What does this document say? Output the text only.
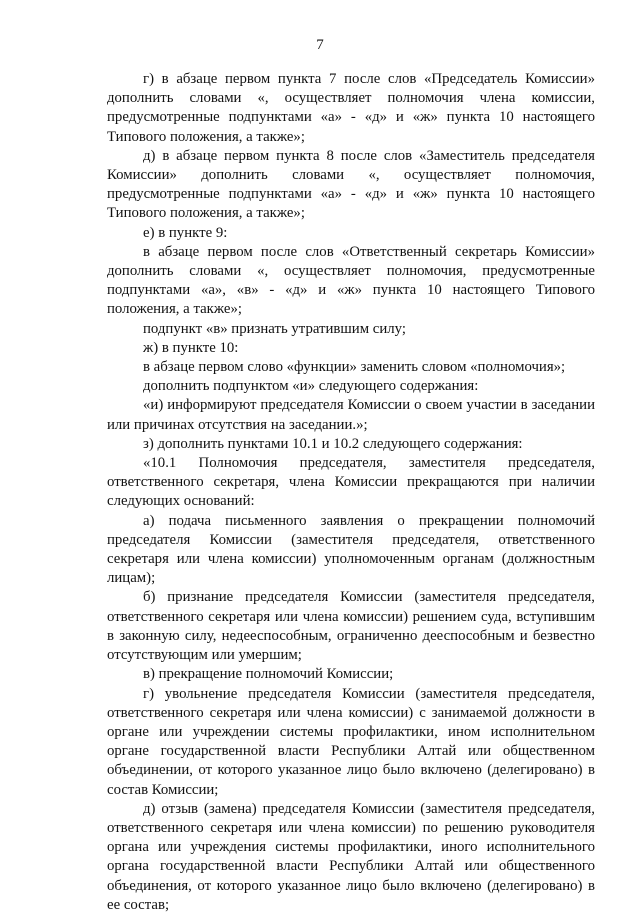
7

г) в абзаце первом пункта 7 после слов «Председатель Комиссии» дополнить словами «, осуществляет полномочия члена комиссии, предусмотренные подпунктами «а» - «д» и «ж» пункта 10 настоящего Типового положения, а также»;

д) в абзаце первом пункта 8 после слов «Заместитель председателя Комиссии» дополнить словами «, осуществляет полномочия, предусмотренные подпунктами «а» - «д» и «ж» пункта 10 настоящего Типового положения, а также»;

е) в пункте 9:

в абзаце первом после слов «Ответственный секретарь Комиссии» дополнить словами «, осуществляет полномочия, предусмотренные подпунктами «а», «в» - «д» и «ж» пункта 10 настоящего Типового положения, а также»;

подпункт «в» признать утратившим силу;

ж) в пункте 10:

в абзаце первом слово «функции» заменить словом «полномочия»;

дополнить подпунктом «и» следующего содержания:

«и) информируют председателя Комиссии о своем участии в заседании или причинах отсутствия на заседании.»;

з) дополнить пунктами 10.1 и 10.2 следующего содержания:

«10.1 Полномочия председателя, заместителя председателя, ответственного секретаря, члена Комиссии прекращаются при наличии следующих оснований:

а) подача письменного заявления о прекращении полномочий председателя Комиссии (заместителя председателя, ответственного секретаря или члена комиссии) уполномоченным органам (должностным лицам);

б) признание председателя Комиссии (заместителя председателя, ответственного секретаря или члена комиссии) решением суда, вступившим в законную силу, недееспособным, ограниченно дееспособным и безвестно отсутствующим или умершим;

в) прекращение полномочий Комиссии;

г) увольнение председателя Комиссии (заместителя председателя, ответственного секретаря или члена комиссии) с занимаемой должности в органе или учреждении системы профилактики, ином исполнительном органе государственной власти Республики Алтай или общественном объединении, от которого указанное лицо было включено (делегировано) в состав Комиссии;

д) отзыв (замена) председателя Комиссии (заместителя председателя, ответственного секретаря или члена комиссии) по решению руководителя органа или учреждения системы профилактики, иного исполнительного органа государственной власти Республики Алтай или общественного объединения, от которого указанное лицо было включено (делегировано) в ее состав;
